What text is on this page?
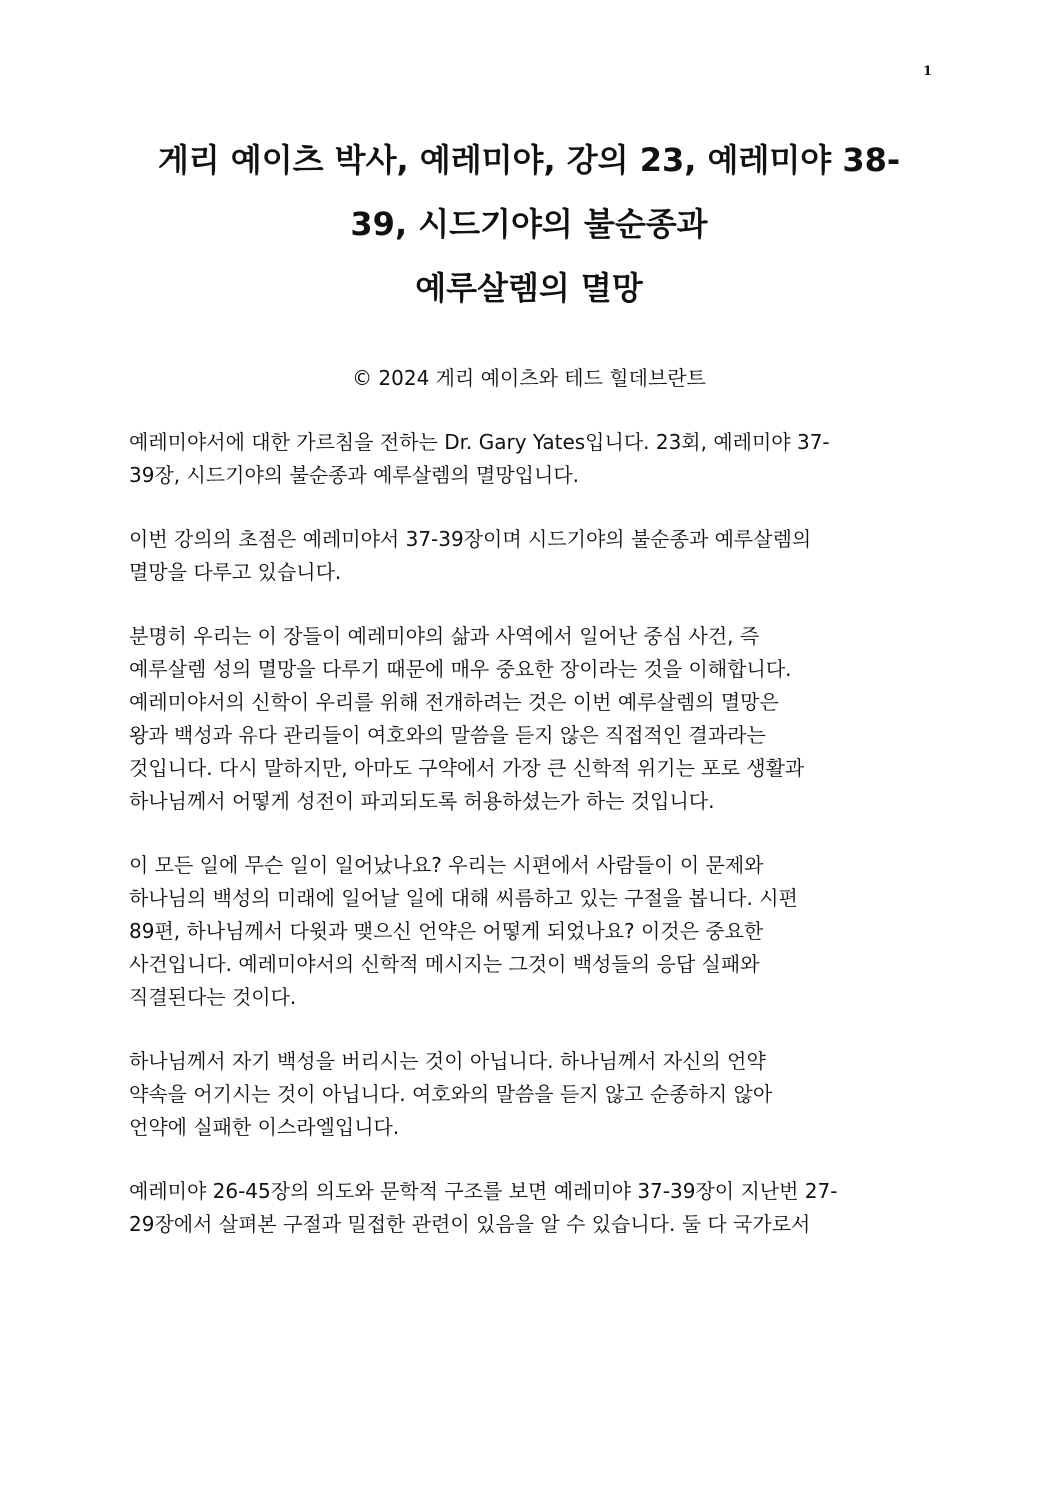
1
게리 예이츠 박사, 예레미야, 강의 23, 예레미야 38-
39, 시드기야의 불순종과
예루살렘의 멸망
© 2024 게리 예이츠와 테드 힐데브란트
예레미야서에 대한 가르침을 전하는 Dr. Gary Yates입니다. 23회, 예레미야 37-
39장, 시드기야의 불순종과 예루살렘의 멸망입니다.
이번 강의의 초점은 예레미야서 37-39장이며 시드기야의 불순종과 예루살렘의
멸망을 다루고 있습니다.
분명히 우리는 이 장들이 예레미야의 삶과 사역에서 일어난 중심 사건, 즉
예루살렘 성의 멸망을 다루기 때문에 매우 중요한 장이라는 것을 이해합니다.
예레미야서의 신학이 우리를 위해 전개하려는 것은 이번 예루살렘의 멸망은
왕과 백성과 유다 관리들이 여호와의 말씀을 듣지 않은 직접적인 결과라는
것입니다. 다시 말하지만, 아마도 구약에서 가장 큰 신학적 위기는 포로 생활과
하나님께서 어떻게 성전이 파괴되도록 허용하셨는가 하는 것입니다.
이 모든 일에 무슨 일이 일어났나요? 우리는 시편에서 사람들이 이 문제와
하나님의 백성의 미래에 일어날 일에 대해 씨름하고 있는 구절을 봅니다. 시편
89편, 하나님께서 다윗과 맺으신 언약은 어떻게 되었나요? 이것은 중요한
사건입니다. 예레미야서의 신학적 메시지는 그것이 백성들의 응답 실패와
직결된다는 것이다.
하나님께서 자기 백성을 버리시는 것이 아닙니다. 하나님께서 자신의 언약
약속을 어기시는 것이 아닙니다. 여호와의 말씀을 듣지 않고 순종하지 않아
언약에 실패한 이스라엘입니다.
예레미야 26-45장의 의도와 문학적 구조를 보면 예레미야 37-39장이 지난번 27-
29장에서 살펴본 구절과 밀접한 관련이 있음을 알 수 있습니다. 둘 다 국가로서
